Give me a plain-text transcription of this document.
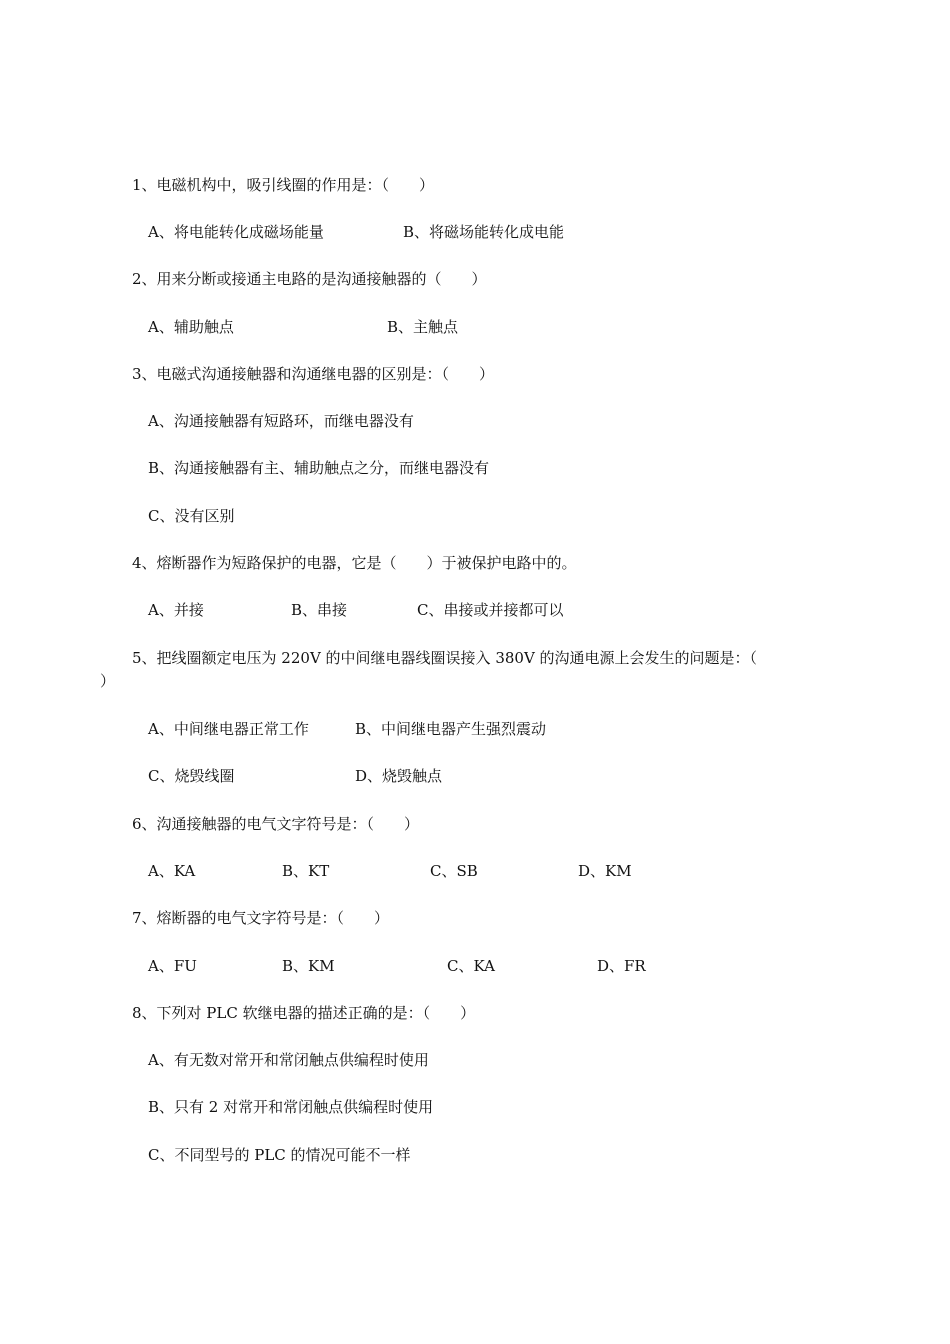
1、电磁机构中，吸引线圈的作用是：（　　）
A、将电能转化成磁场能量	B、将磁场能转化成电能
2、用来分断或接通主电路的是沟通接触器的（　　）
A、辅助触点	B、主触点
3、电磁式沟通接触器和沟通继电器的区别是：（　　）
A、沟通接触器有短路环，而继电器没有
B、沟通接触器有主、辅助触点之分，而继电器没有
C、没有区别
4、熔断器作为短路保护的电器，它是（　　）于被保护电路中的。
A、并接	B、串接	C、串接或并接都可以
5、把线圈额定电压为 220V 的中间继电器线圈误接入 380V 的沟通电源上会发生的问题是：（
）
A、中间继电器正常工作	B、中间继电器产生强烈震动
C、烧毁线圈	D、烧毁触点
6、沟通接触器的电气文字符号是：（　　）
A、KA	B、KT	C、SB	D、KM
7、熔断器的电气文字符号是：（　　）
A、FU	B、KM	C、KA	D、FR
8、下列对 PLC 软继电器的描述正确的是：（　　）
A、有无数对常开和常闭触点供编程时使用
B、只有 2 对常开和常闭触点供编程时使用
C、不同型号的 PLC 的情况可能不一样
